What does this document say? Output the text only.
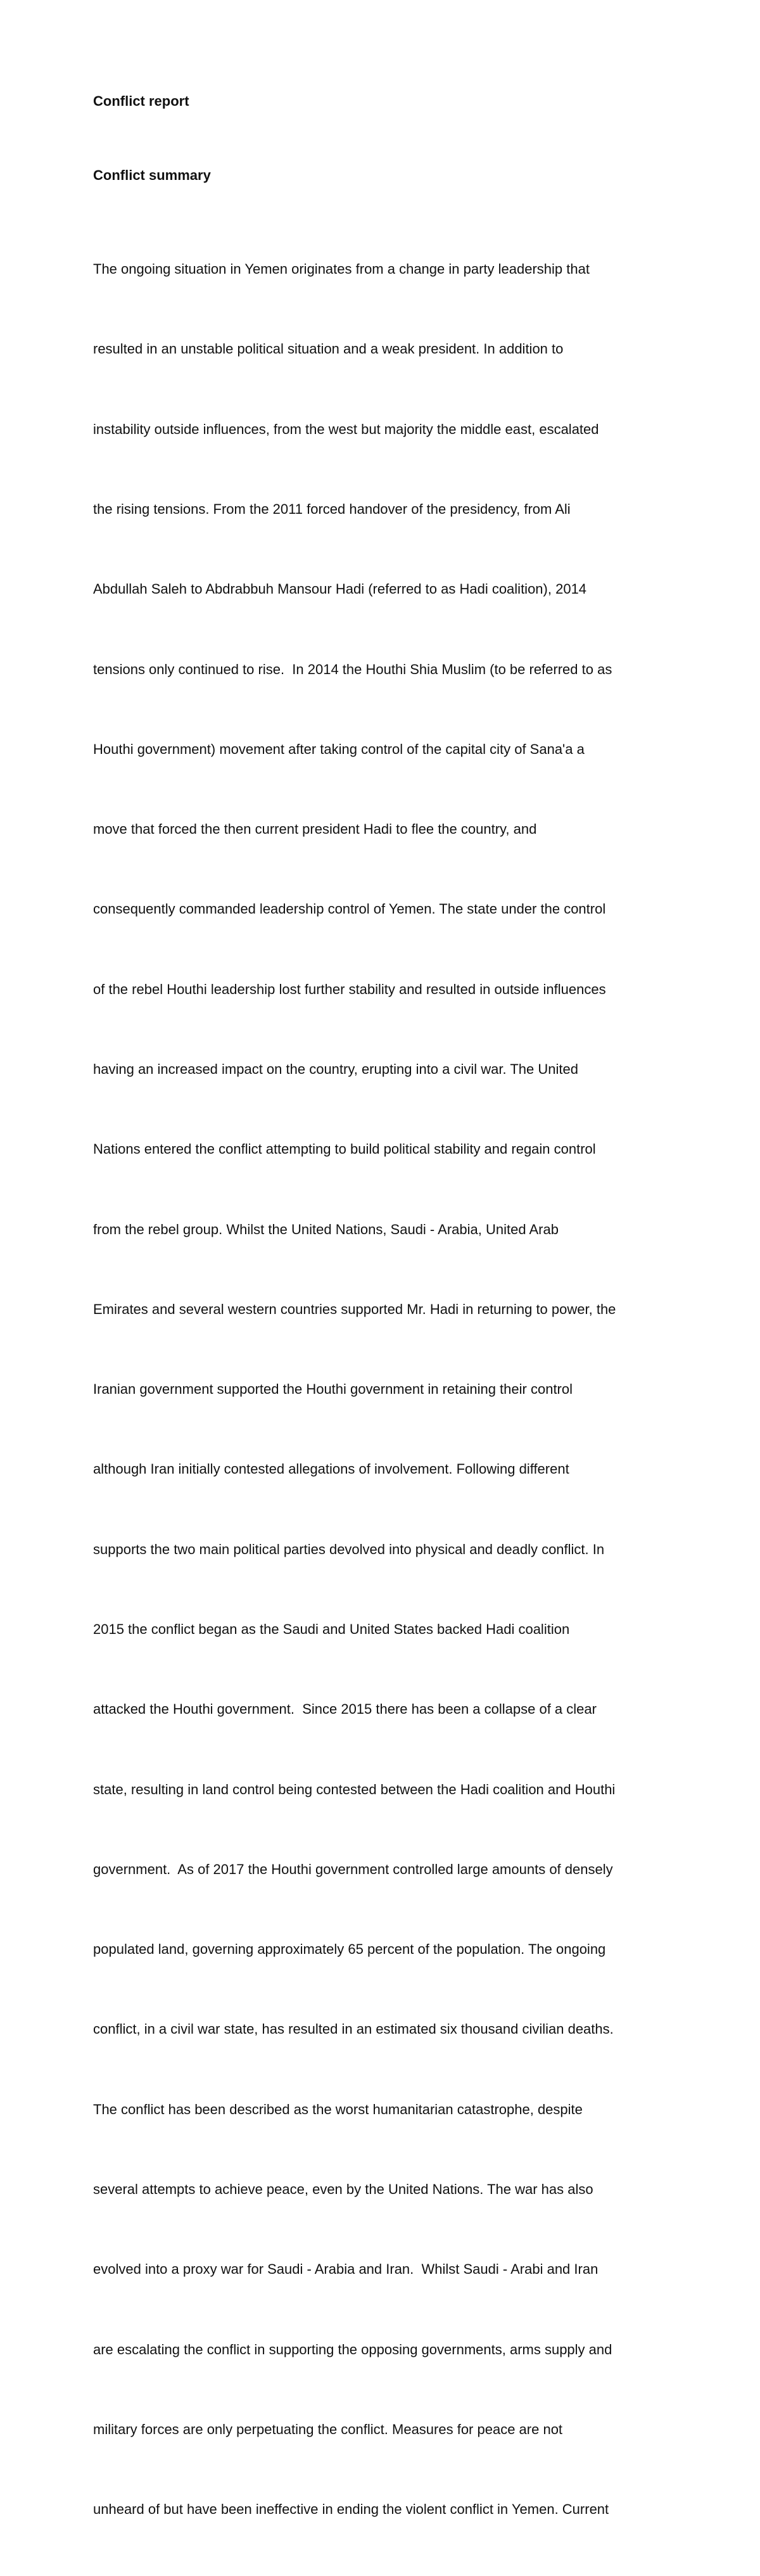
Conflict report
Conflict summary

The ongoing situation in Yemen originates from a change in party leadership that

resulted in an unstable political situation and a weak president. In addition to

instability outside influences, from the west but majority the middle east, escalated

the rising tensions. From the 2011 forced handover of the presidency, from Ali

Abdullah Saleh to Abdrabbuh Mansour Hadi (referred to as Hadi coalition), 2014

tensions only continued to rise.  In 2014 the Houthi Shia Muslim (to be referred to as

Houthi government) movement after taking control of the capital city of Sana'a a

move that forced the then current president Hadi to flee the country, and

consequently commanded leadership control of Yemen. The state under the control

of the rebel Houthi leadership lost further stability and resulted in outside influences

having an increased impact on the country, erupting into a civil war. The United

Nations entered the conflict attempting to build political stability and regain control

from the rebel group. Whilst the United Nations, Saudi - Arabia, United Arab

Emirates and several western countries supported Mr. Hadi in returning to power, the

Iranian government supported the Houthi government in retaining their control

although Iran initially contested allegations of involvement. Following different

supports the two main political parties devolved into physical and deadly conflict. In

2015 the conflict began as the Saudi and United States backed Hadi coalition

attacked the Houthi government.  Since 2015 there has been a collapse of a clear

state, resulting in land control being contested between the Hadi coalition and Houthi

government.  As of 2017 the Houthi government controlled large amounts of densely

populated land, governing approximately 65 percent of the population. The ongoing

conflict, in a civil war state, has resulted in an estimated six thousand civilian deaths.

The conflict has been described as the worst humanitarian catastrophe, despite

several attempts to achieve peace, even by the United Nations. The war has also

evolved into a proxy war for Saudi - Arabia and Iran.  Whilst Saudi - Arabi and Iran

are escalating the conflict in supporting the opposing governments, arms supply and

military forces are only perpetuating the conflict. Measures for peace are not

unheard of but have been ineffective in ending the violent conflict in Yemen. Current
